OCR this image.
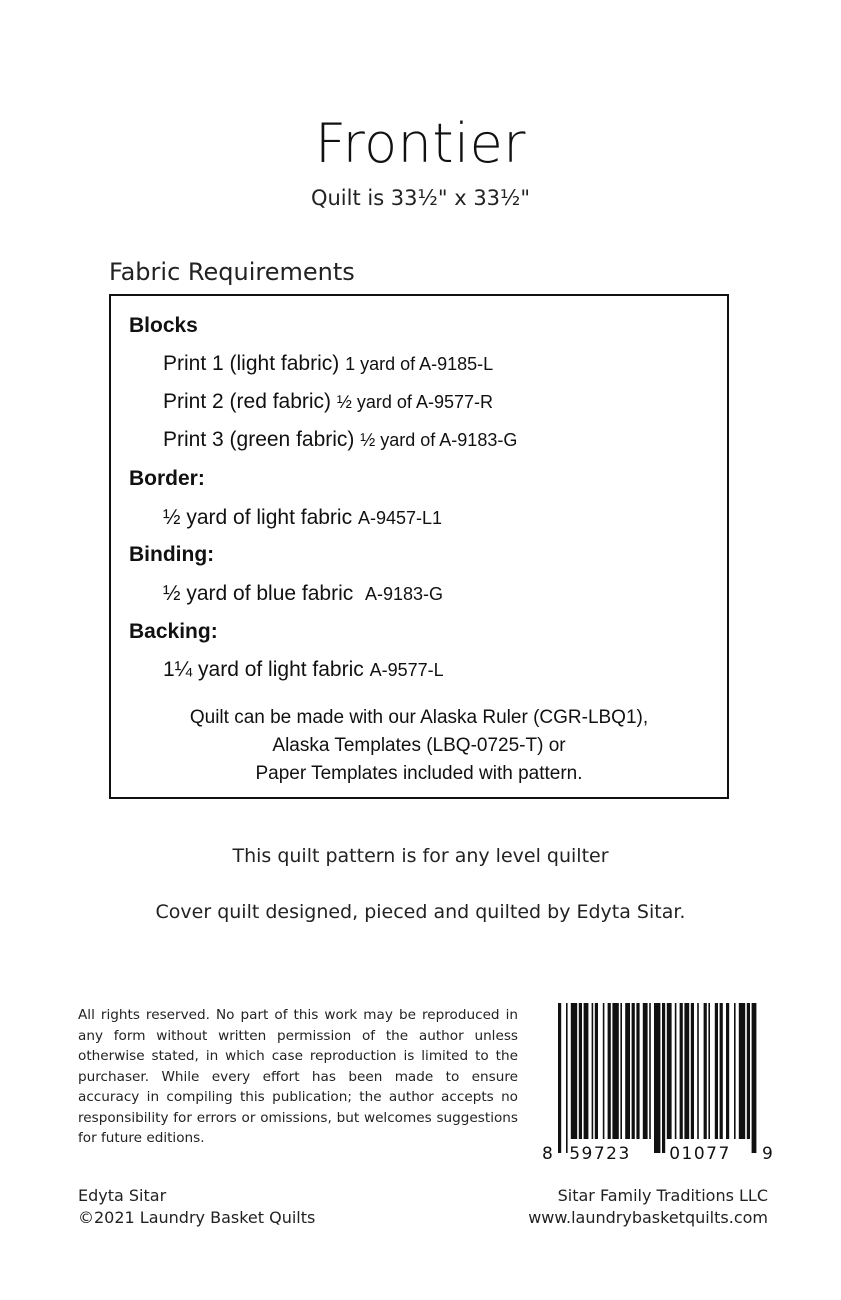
Frontier
Quilt is 33½" x 33½"
Fabric Requirements
Blocks
Print 1 (light fabric) 1 yard of A-9185-L
Print 2 (red fabric) ½ yard of A-9577-R
Print 3 (green fabric) ½ yard of A-9183-G
Border:
½ yard of light fabric A-9457-L1
Binding:
½ yard of blue fabric  A-9183-G
Backing:
1¼ yard of light fabric A-9577-L
Quilt can be made with our Alaska Ruler (CGR-LBQ1),
Alaska Templates (LBQ-0725-T) or
Paper Templates included with pattern.
This quilt pattern is for any level quilter
Cover quilt designed, pieced and quilted by Edyta Sitar.
All rights reserved. No part of this work may be reproduced in any form without written permission of the author unless otherwise stated, in which case reproduction is limited to the purchaser. While every effort has been made to ensure accuracy in compiling this publication; the author accepts no responsibility for errors or omissions, but welcomes suggestions for future editions.
8 59723 01077 9
Edyta Sitar
©2021 Laundry Basket Quilts
Sitar Family Traditions LLC
www.laundrybasketquilts.com
